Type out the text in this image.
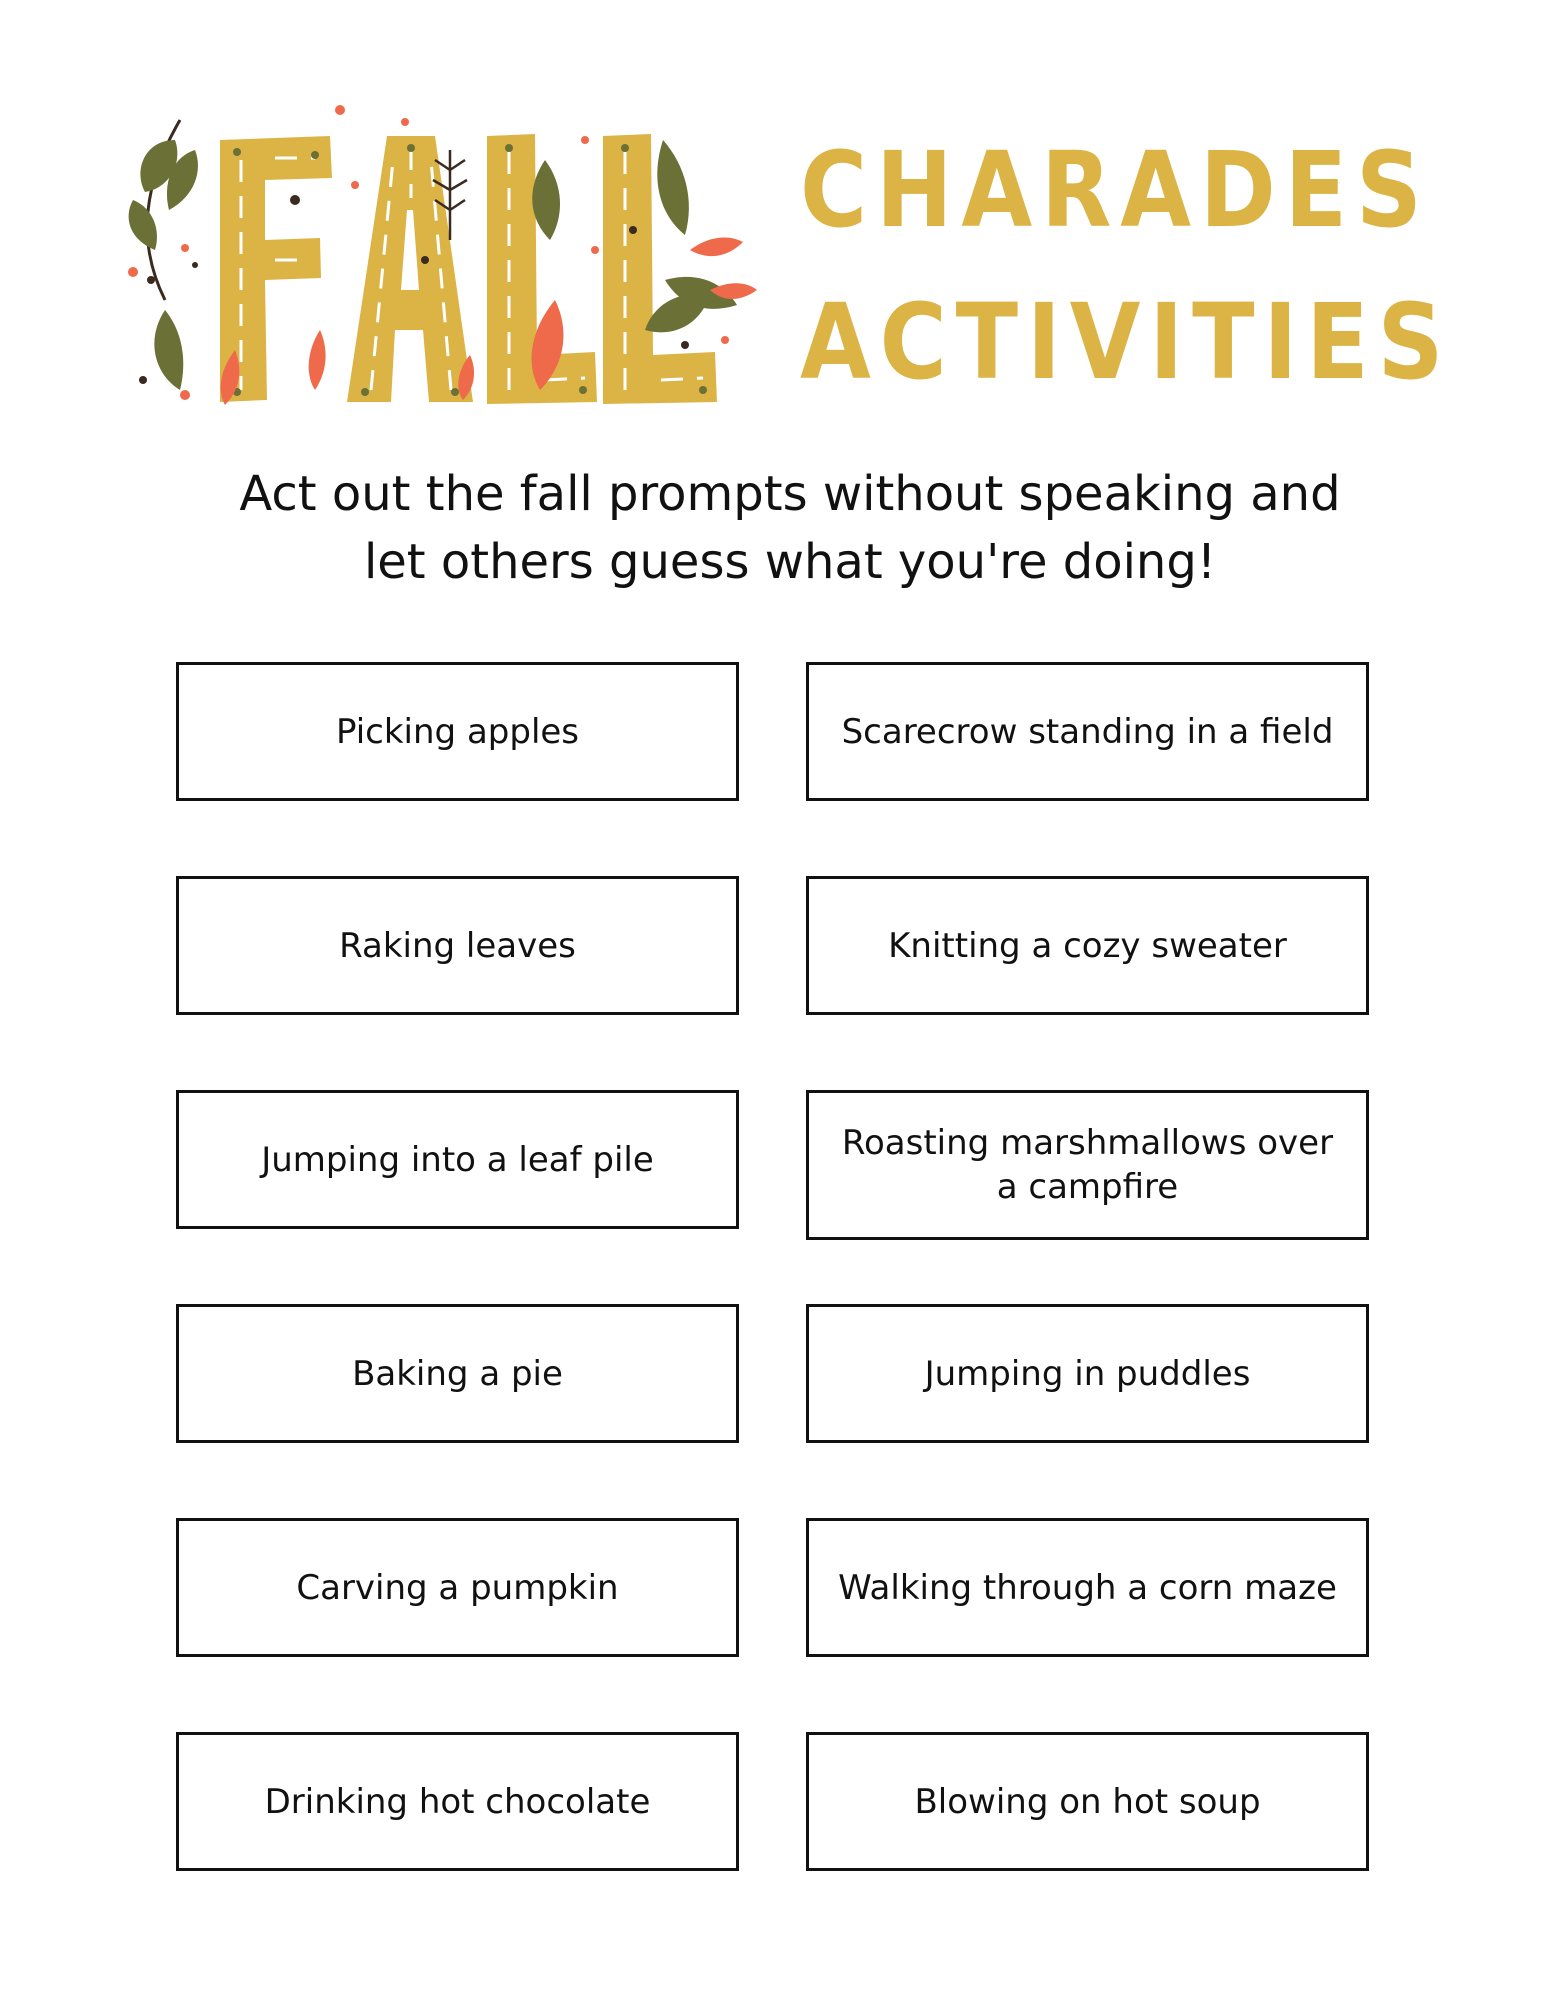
CHARADES
ACTIVITIES

Act out the fall prompts without speaking and
let others guess what you're doing!

Picking apples	Scarecrow standing in a field
Raking leaves	Knitting a cozy sweater
Jumping into a leaf pile	Roasting marshmallows over a campfire
Baking a pie	Jumping in puddles
Carving a pumpkin	Walking through a corn maze
Drinking hot chocolate	Blowing on hot soup
